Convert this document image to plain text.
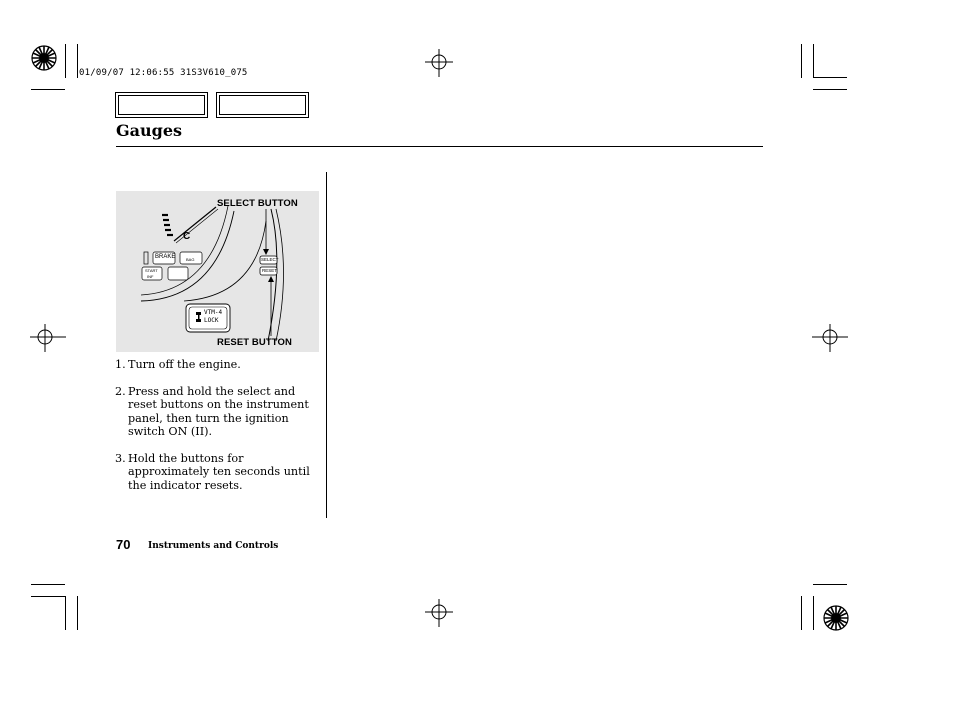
01/09/07 12:06:55 31S3V610_075
Gauges
SELECT BUTTON
RESET BUTTON
C
BRAKE	SELECT
RESET
VTM-4
LOCK
START
INF
BAG
1. Turn off the engine.
2. Press and hold the select and reset buttons on the instrument panel, then turn the ignition switch ON (II).
3. Hold the buttons for approximately ten seconds until the indicator resets.
70 Instruments and Controls
